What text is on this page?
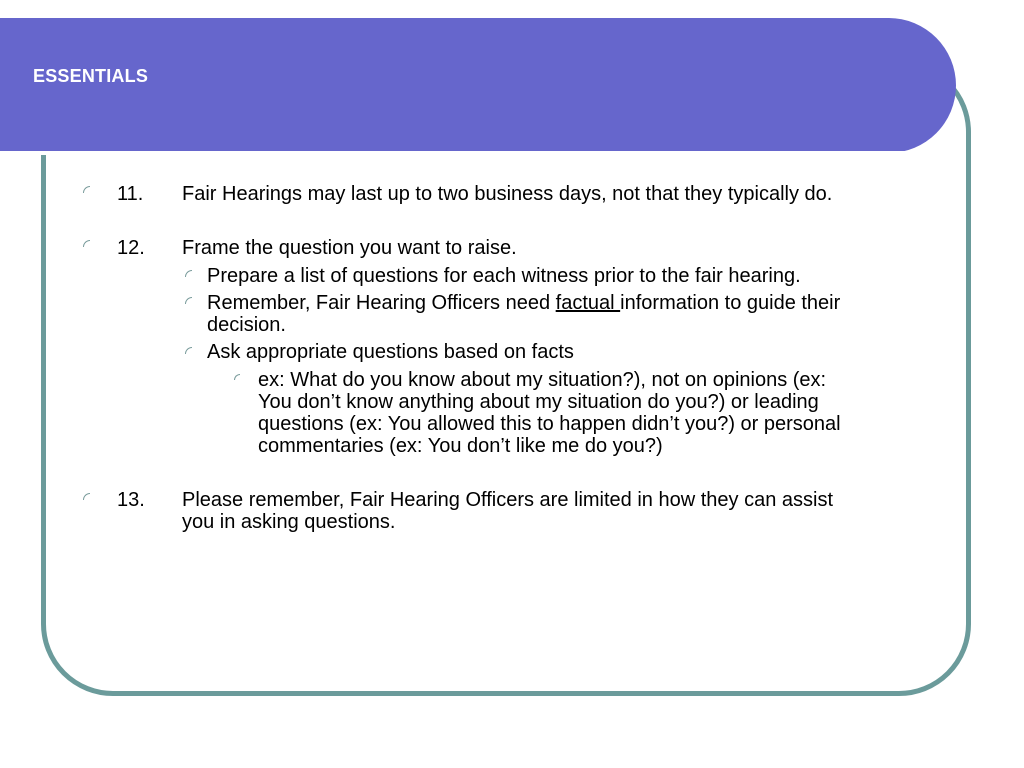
ESSENTIALS
11. Fair Hearings may last up to two business days, not that they typically do.
12. Frame the question you want to raise.
Prepare a list of questions for each witness prior to the fair hearing.
Remember, Fair Hearing Officers need factual information to guide their
decision.
Ask appropriate questions based on facts
ex: What do you know about my situation?), not on opinions (ex:
You don’t know anything about my situation do you?) or leading
questions (ex: You allowed this to happen didn’t you?) or personal
commentaries (ex: You don’t like me do you?)
13. Please remember, Fair Hearing Officers are limited in how they can assist
you in asking questions.
